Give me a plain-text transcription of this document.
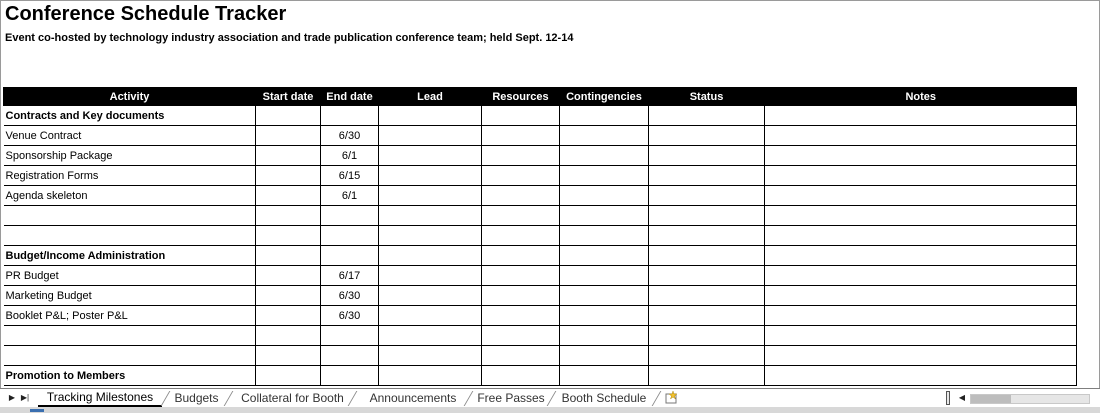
Conference Schedule Tracker
Event co-hosted by technology industry association and trade publication conference team; held Sept. 12-14
Activity	Start date	End date	Lead	Resources	Contingencies	Status	Notes
Contracts and Key documents							
Venue Contract		6/30					
Sponsorship Package		6/1					
Registration Forms		6/15					
Agenda skeleton		6/1					

Budget/Income Administration							
PR Budget		6/17					
Marketing Budget		6/30					
Booklet P&L; Poster P&L		6/30					

Promotion to Members							
▶ ▶|	Tracking Milestones	Budgets	Collateral for Booth	Announcements	Free Passes	Booth Schedule	◀
